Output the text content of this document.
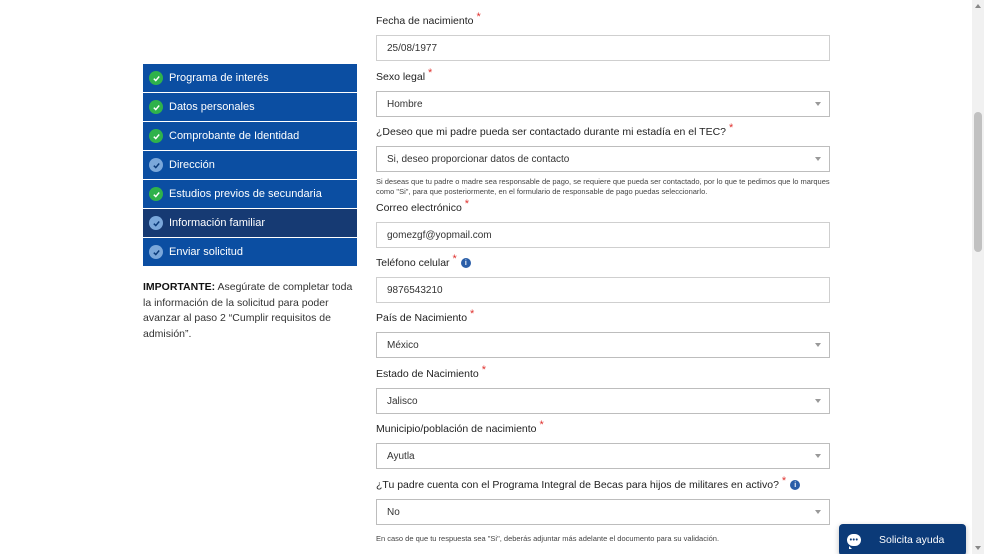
Programa de interés
Datos personales
Comprobante de Identidad
Dirección
Estudios previos de secundaria
Información familiar
Enviar solicitud

IMPORTANTE: Asegúrate de completar toda la información de la solicitud para poder avanzar al paso 2 “Cumplir requisitos de admisión”.

Fecha de nacimiento *
25/08/1977
Sexo legal *
Hombre
¿Deseo que mi padre pueda ser contactado durante mi estadía en el TEC? *
Si, deseo proporcionar datos de contacto
Si deseas que tu padre o madre sea responsable de pago, se requiere que pueda ser contactado, por lo que te pedimos que lo marques como "Si", para que posteriormente, en el formulario de responsable de pago puedas seleccionarlo.
Correo electrónico *
gomezgf@yopmail.com
Teléfono celular *	i
9876543210
País de Nacimiento *
México
Estado de Nacimiento *
Jalisco
Municipio/población de nacimiento *
Ayutla
¿Tu padre cuenta con el Programa Integral de Becas para hijos de militares en activo? *	i
No
En caso de que tu respuesta sea "Si", deberás adjuntar más adelante el documento para su validación.	••• Solicita ayuda
